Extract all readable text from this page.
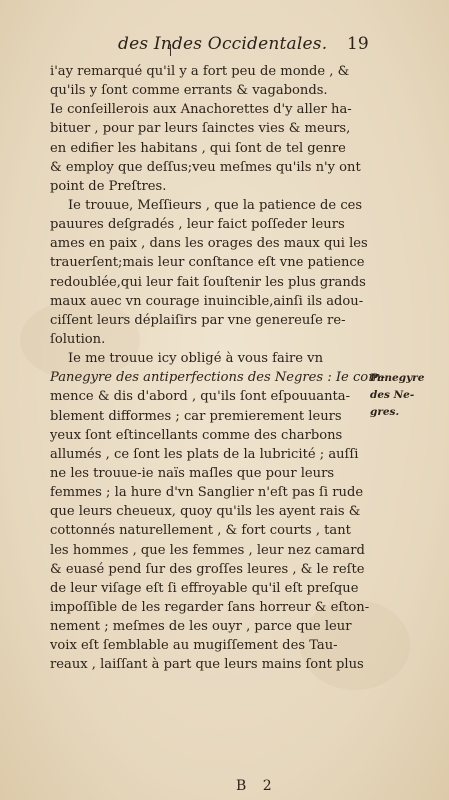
des Indes Occidentales. 19
i'ay remarqué qu'il y a fort peu de monde , &
qu'ils y ſont comme errants & vagabonds.
Ie conſeillerois aux Anachorettes d'y aller ha-
bituer , pour par leurs ſainctes vies & meurs,
en edifier les habitans , qui ſont de tel genre
& employ que deſſus;veu meſmes qu'ils n'y ont
point de Preſtres.
Ie trouue, Meſſieurs , que la patience de ces
pauures deſgradés , leur faict poſſeder leurs
ames en paix , dans les orages des maux qui les
trauerſent;mais leur conſtance eſt vne patience
redoublée,qui leur fait ſouſtenir les plus grands
maux auec vn courage inuincible,ainſi ils adou-
ciſſent leurs déplaiſirs par vne genereuſe re-
ſolution.
Ie me trouue icy obligé à vous faire vn
Panegyre des antiperfections des Negres : Ie com-
mence & dis d'abord , qu'ils ſont eſpouuanta-
blement difformes ; car premierement leurs
yeux ſont eſtincellants comme des charbons
allumés , ce ſont les plats de la lubricité ; auſſi
ne les trouue-ie naïs maſles que pour leurs
femmes ; la hure d'vn Sanglier n'eſt pas ſi rude
que leurs cheueux, quoy qu'ils les ayent rais &
cottonnés naturellement , & fort courts , tant
les hommes , que les femmes , leur nez camard
& euasé pend ſur des groſſes leures , & le reſte
de leur viſage eſt ſi effroyable qu'il eſt preſque
impoſſible de les regarder ſans horreur & eſton-
nement ; meſmes de les ouyr , parce que leur
voix eſt ſemblable au mugiſſement des Tau-
reaux , laiſſant à part que leurs mains ſont plus
Panegyre
des Ne-
gres.
B 2
